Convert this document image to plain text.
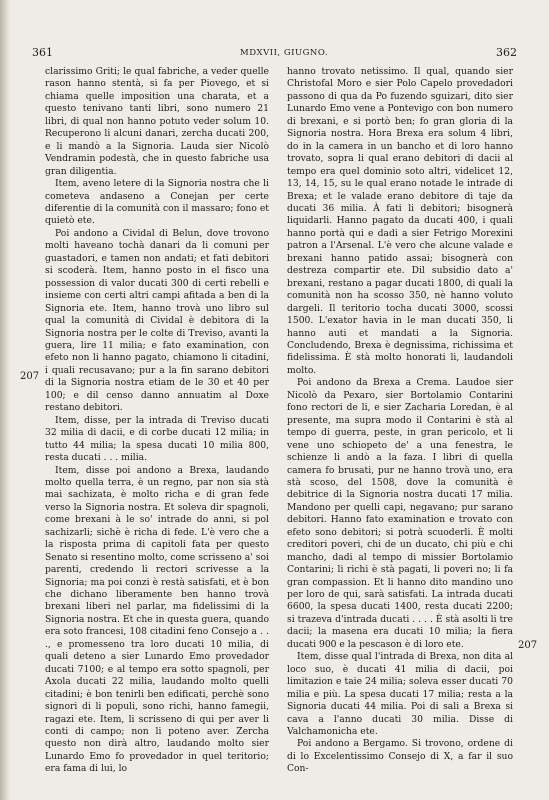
361	MDXVII, GIUGNO.	362
207
207

clarissimo Griti; le qual fabriche, a veder quelle rason hanno stentà, si fa per Piovego, et si chiama quelle imposition una charata, et a questo tenivano tanti libri, sono numero 21 libri, di qual non hanno potuto veder solum 10. Recuperono li alcuni danari, zercha ducati 200, e li mandò a la Signoria. Lauda sier Nicolò Vendramin podestà, che in questo fabriche usa gran diligentia.

Item, aveno letere di la Signoria nostra che li cometeva andaseno a Conejan per certe diferentie di la comunità con il massaro; fono et quietò ete.

Poi andono a Cividal di Belun, dove trovono molti haveano tochà danari da li comuni per guastadori, e tamen non andati; et fati debitori si scoderà. Item, hanno posto in el fisco una possession di valor ducati 300 di certi rebelli e insieme con certi altri campi afitada a ben di la Signoria ete. Item, hanno trovà uno libro sul qual la comunità di Cividal è debitora di la Signoria nostra per le colte di Treviso, avanti la guera, lire 11 milia; e fato examination, con efeto non li hanno pagato, chiamono li citadini, i quali recusavano; pur a la fin sarano debitori di la Signoria nostra etiam de le 30 et 40 per 100; e dil censo danno annuatim al Doxe restano debitori.

Item, disse, per la intrada di Treviso ducati 32 milia di dacii, e di corbe ducati 12 milia; in tutto 44 milia; la spesa ducati 10 milia 800, resta ducati . . . milia.

Item, disse poi andono a Brexa, laudando molto quella terra, è un regno, par non sia stà mai sachizata, è molto richa e di gran fede verso la Signoria nostra. Et soleva dir spagnoli, come brexani à le so' intrade do anni, si pol sachizarli; sichè è richa di fede. L'è vero che a la risposta prima di capitoli fata per questo Senato si resentino molto, come scrisseno a' soi parenti, credendo li rectori scrivesse a la Signoria; ma poi conzi è restà satisfati, et è bon che dichano liberamente ben hanno trovà brexani liberi nel parlar, ma fidelissimi di la Signoria nostra. Et che in questa guera, quando era soto francesi, 108 citadini feno Consejo a . . ., e promesseno tra loro ducati 10 milia, di quali deteno a sier Lunardo Emo provedador ducati 7100; e al tempo era sotto spagnoli, per Axola ducati 22 milia, laudando molto quelli citadini; è bon tenirli ben edificati, perchè sono signori di li populi, sono richi, hanno famegii, ragazi ete. Item, li scrisseno di qui per aver li conti di campo; non li poteno aver. Zercha questo non dirà altro, laudando molto sier Lunardo Emo fo provedador in quel teritorio; era fama di lui, lo

hanno trovato netissimo. Il qual, quando sier Christofal Moro e sier Polo Capelo provedadori passono di qua da Po fuzendo sguizari, dito sier Lunardo Emo vene a Pontevigo con bon numero di brexani, e si portò ben; fo gran gloria di la Signoria nostra. Hora Brexa era solum 4 libri, do in la camera in un bancho et di loro hanno trovato, sopra li qual erano debitori di dacii al tempo era quel dominio soto altri, videlicet 12, 13, 14, 15, su le qual erano notade le intrade di Brexa; et le valade erano debitore di taje da ducati 36 milia. À fati li debitori; bisognerà liquidarli. Hanno pagato da ducati 400, i quali hanno portà qui e dadi a sier Fetrigo Morexini patron a l'Arsenal. L'è vero che alcune valade e brexani hanno patido assai; bisognerà con destreza compartir ete. Dil subsidio dato a' brexani, restano a pagar ducati 1800, di quali la comunità non ha scosso 350, nè hanno voluto dargeli. Il teritorio tocha ducati 3000, scossi 1500. L'exator havia in le man ducati 350, li hanno auti et mandati a la Signoria. Concludendo, Brexa è degnissima, richissima et fidelissima. È stà molto honorati li, laudandoli molto.

Poi andono da Brexa a Crema. Laudoe sier Nicolò da Pexaro, sier Bortolamio Contarini fono rectori de li, e sier Zacharia Loredan, è al presente, ma supra modo il Contarini è stà al tempo di guerra, peste, in gran pericolo, et li vene uno schiopeto de' a una fenestra, le schienze li andò a la faza. I libri di quella camera fo brusati, pur ne hanno trovà uno, era stà scoso, del 1508, dove la comunità è debitrice di la Signoria nostra ducati 17 milia. Mandono per quelli capi, negavano; pur sarano debitori. Hanno fato examination e trovato con efeto sono debitori; si potrà scuoderli. È molti creditori poveri, chi de un ducato, chi più e chi mancho, dadi al tempo di missier Bortolamio Contarini; li richi è stà pagati, li poveri no; li fa gran compassion. Et li hanno dito mandino uno per loro de qui, sarà satisfati. La intrada ducati 6600, la spesa ducati 1400, resta ducati 2200; si trazeva d'intrada ducati . . . . È stà asolti li tre dacii; la masena era ducati 10 milia; la fiera ducati 900 e la pescason è di loro ete.

Item, disse qual l'intrada di Brexa, non dita al loco suo, è ducati 41 milia di dacii, poi limitazion e taie 24 milia; soleva esser ducati 70 milia e più. La spesa ducati 17 milia; resta a la Signoria ducati 44 milia. Poi di sali a Brexa si cava a l'anno ducati 30 milia. Disse di Valchamonicha ete.

Poi andono a Bergamo. Si trovono, ordene di di lo Excelentissimo Consejo di X, a far il suo Con-
